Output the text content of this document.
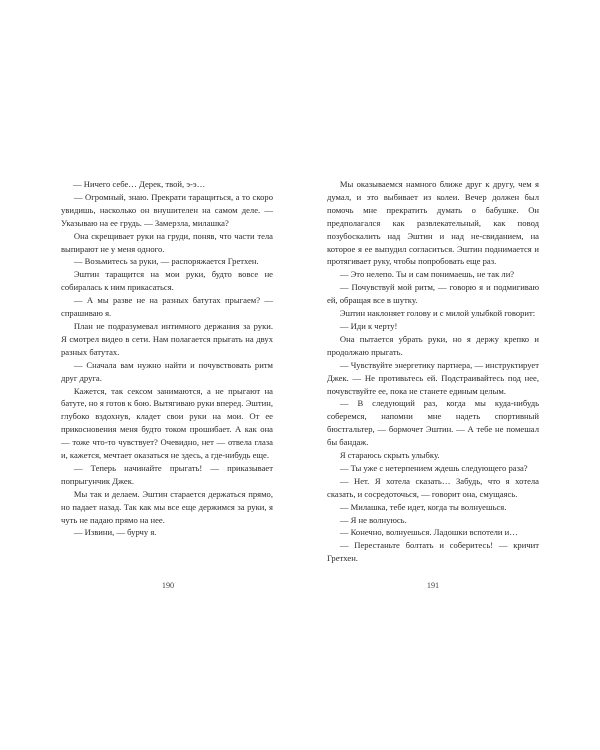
— Ничего себе… Дерек, твой, э-э…

— Огромный, знаю. Прекрати таращиться, а то скоро увидишь, насколько он внушителен на самом деле. — Указываю на ее грудь. — Замерзла, милашка?

Она скрещивает руки на груди, поняв, что части тела выпирают не у меня одного.

— Возьмитесь за руки, — распоряжается Гретхен.

Эштин таращится на мои руки, будто вовсе не собиралась к ним прикасаться.

— А мы разве не на разных батутах прыгаем? — спрашиваю я.

План не подразумевал интимного держания за руки. Я смотрел видео в сети. Нам полагается прыгать на двух разных батутах.

— Сначала вам нужно найти и почувствовать ритм друг друга.

Кажется, так сексом занимаются, а не прыгают на батуте, но я готов к бою. Вытягиваю руки вперед. Эштин, глубоко вздохнув, кладет свои руки на мои. От ее прикосновения меня будто током прошибает. А как она — тоже что-то чувствует? Очевидно, нет — отвела глаза и, кажется, мечтает оказаться не здесь, а где-нибудь еще.

— Теперь начинайте прыгать! — приказывает попрыгунчик Джек.

Мы так и делаем. Эштин старается держаться прямо, но падает назад. Так как мы все еще держимся за руки, я чуть не падаю прямо на нее.

— Извини, — бурчу я.

190

Мы оказываемся намного ближе друг к другу, чем я думал, и это выбивает из колеи. Вечер должен был помочь мне прекратить думать о бабушке. Он предполагался как развлекательный, как повод позубоскалить над Эштин и над не-свиданием, на которое я ее выпудил согласиться. Эштин поднимается и протягивает руку, чтобы попробовать еще раз.

— Это нелепо. Ты и сам понимаешь, не так ли?

— Почувствуй мой ритм, — говорю я и подмигиваю ей, обращая все в шутку.

Эштин наклоняет голову и с милой улыбкой говорит:

— Иди к черту!

Она пытается убрать руки, но я держу крепко и продолжаю прыгать.

— Чувствуйте энергетику партнера, — инструктирует Джек. — Не противьтесь ей. Подстраивайтесь под нее, почувствуйте ее, пока не станете единым целым.

— В следующий раз, когда мы куда-нибудь соберемся, напомни мне надеть спортивный бюстгальтер, — бормочет Эштин. — А тебе не помешал бы бандаж.

Я стараюсь скрыть улыбку.

— Ты уже с нетерпением ждешь следующего раза?

— Нет. Я хотела сказать… Забудь, что я хотела сказать, и сосредоточься, — говорит она, смущаясь.

— Милашка, тебе идет, когда ты волнуешься.

— Я не волнуюсь.

— Конечно, волнуешься. Ладошки вспотели и…

— Перестаньте болтать и соберитесь! — кричит Гретхен.

191
